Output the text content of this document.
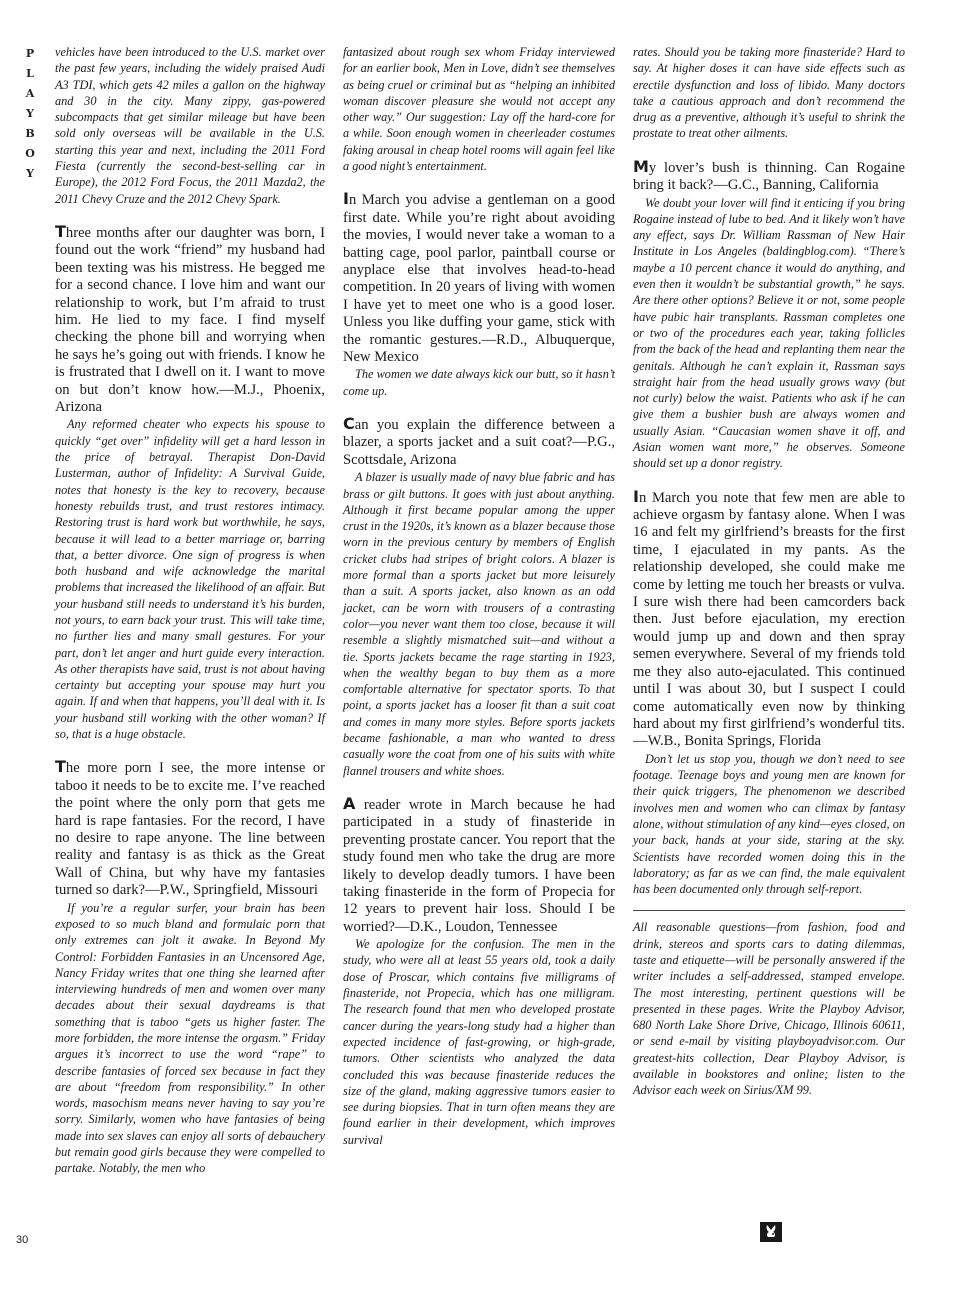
P
L
A
Y
B
O
Y

vehicles have been introduced to the U.S. market over the past few years, including the widely praised Audi A3 TDI, which gets 42 miles a gallon on the highway and 30 in the city. Many zippy, gas-powered subcompacts that get similar mileage but have been sold only overseas will be available in the U.S. starting this year and next, including the 2011 Ford Fiesta (currently the second-best-selling car in Europe), the 2012 Ford Focus, the 2011 Mazda2, the 2011 Chevy Cruze and the 2012 Chevy Spark.

Three months after our daughter was born, I found out the work “friend” my husband had been texting was his mistress. He begged me for a second chance. I love him and want our relationship to work, but I’m afraid to trust him. He lied to my face. I find myself checking the phone bill and worrying when he says he’s going out with friends. I know he is frustrated that I dwell on it. I want to move on but don’t know how.—M.J., Phoenix, Arizona

Any reformed cheater who expects his spouse to quickly “get over” infidelity will get a hard lesson in the price of betrayal. Therapist Don-David Lusterman, author of Infidelity: A Survival Guide, notes that honesty is the key to recovery, because honesty rebuilds trust, and trust restores intimacy. Restoring trust is hard work but worthwhile, he says, because it will lead to a better marriage or, barring that, a better divorce. One sign of progress is when both husband and wife acknowledge the marital problems that increased the likelihood of an affair. But your husband still needs to understand it’s his burden, not yours, to earn back your trust. This will take time, no further lies and many small gestures. For your part, don’t let anger and hurt guide every interaction. As other therapists have said, trust is not about having certainty but accepting your spouse may hurt you again. If and when that happens, you’ll deal with it. Is your husband still working with the other woman? If so, that is a huge obstacle.

The more porn I see, the more intense or taboo it needs to be to excite me. I’ve reached the point where the only porn that gets me hard is rape fantasies. For the record, I have no desire to rape anyone. The line between reality and fantasy is as thick as the Great Wall of China, but why have my fantasies turned so dark?—P.W., Springfield, Missouri

If you’re a regular surfer, your brain has been exposed to so much bland and formulaic porn that only extremes can jolt it awake. In Beyond My Control: Forbidden Fantasies in an Uncensored Age, Nancy Friday writes that one thing she learned after interviewing hundreds of men and women over many decades about their sexual daydreams is that something that is taboo “gets us higher faster. The more forbidden, the more intense the orgasm.” Friday argues it’s incorrect to use the word “rape” to describe fantasies of forced sex because in fact they are about “freedom from responsibility.” In other words, masochism means never having to say you’re sorry. Similarly, women who have fantasies of being made into sex slaves can enjoy all sorts of debauchery but remain good girls because they were compelled to partake. Notably, the men who

fantasized about rough sex whom Friday interviewed for an earlier book, Men in Love, didn’t see themselves as being cruel or criminal but as “helping an inhibited woman discover pleasure she would not accept any other way.” Our suggestion: Lay off the hard-core for a while. Soon enough women in cheerleader costumes faking arousal in cheap hotel rooms will again feel like a good night’s entertainment.

In March you advise a gentleman on a good first date. While you’re right about avoiding the movies, I would never take a woman to a batting cage, pool parlor, paintball course or anyplace else that involves head-to-head competition. In 20 years of living with women I have yet to meet one who is a good loser. Unless you like duffing your game, stick with the romantic gestures.—R.D., Albuquerque, New Mexico

The women we date always kick our butt, so it hasn’t come up.

Can you explain the difference between a blazer, a sports jacket and a suit coat?—P.G., Scottsdale, Arizona

A blazer is usually made of navy blue fabric and has brass or gilt buttons. It goes with just about anything. Although it first became popular among the upper crust in the 1920s, it’s known as a blazer because those worn in the previous century by members of English cricket clubs had stripes of bright colors. A blazer is more formal than a sports jacket but more leisurely than a suit. A sports jacket, also known as an odd jacket, can be worn with trousers of a contrasting color—you never want them too close, because it will resemble a slightly mismatched suit—and without a tie. Sports jackets became the rage starting in 1923, when the wealthy began to buy them as a more comfortable alternative for spectator sports. To that point, a sports jacket has a looser fit than a suit coat and comes in many more styles. Before sports jackets became fashionable, a man who wanted to dress casually wore the coat from one of his suits with white flannel trousers and white shoes.

A reader wrote in March because he had participated in a study of finasteride in preventing prostate cancer. You report that the study found men who take the drug are more likely to develop deadly tumors. I have been taking finasteride in the form of Propecia for 12 years to prevent hair loss. Should I be worried?—D.K., Loudon, Tennessee

We apologize for the confusion. The men in the study, who were all at least 55 years old, took a daily dose of Proscar, which contains five milligrams of finasteride, not Propecia, which has one milligram. The research found that men who developed prostate cancer during the years-long study had a higher than expected incidence of fast-growing, or high-grade, tumors. Other scientists who analyzed the data concluded this was because finasteride reduces the size of the gland, making aggressive tumors easier to see during biopsies. That in turn often means they are found earlier in their development, which improves survival

rates. Should you be taking more finasteride? Hard to say. At higher doses it can have side effects such as erectile dysfunction and loss of libido. Many doctors take a cautious approach and don’t recommend the drug as a preventive, although it’s useful to shrink the prostate to treat other ailments.

My lover’s bush is thinning. Can Rogaine bring it back?—G.C., Banning, California

We doubt your lover will find it enticing if you bring Rogaine instead of lube to bed. And it likely won’t have any effect, says Dr. William Rassman of New Hair Institute in Los Angeles (baldingblog.com). “There’s maybe a 10 percent chance it would do anything, and even then it wouldn’t be substantial growth,” he says. Are there other options? Believe it or not, some people have pubic hair transplants. Rassman completes one or two of the procedures each year, taking follicles from the back of the head and replanting them near the genitals. Although he can’t explain it, Rassman says straight hair from the head usually grows wavy (but not curly) below the waist. Patients who ask if he can give them a bushier bush are always women and usually Asian. “Caucasian women shave it off, and Asian women want more,” he observes. Someone should set up a donor registry.

In March you note that few men are able to achieve orgasm by fantasy alone. When I was 16 and felt my girlfriend’s breasts for the first time, I ejaculated in my pants. As the relationship developed, she could make me come by letting me touch her breasts or vulva. I sure wish there had been camcorders back then. Just before ejaculation, my erection would jump up and down and then spray semen everywhere. Several of my friends told me they also auto-ejaculated. This continued until I was about 30, but I suspect I could come automatically even now by thinking hard about my first girlfriend’s wonderful tits.—W.B., Bonita Springs, Florida

Don’t let us stop you, though we don’t need to see footage. Teenage boys and young men are known for their quick triggers, The phenomenon we described involves men and women who can climax by fantasy alone, without stimulation of any kind—eyes closed, on your back, hands at your side, staring at the sky. Scientists have recorded women doing this in the laboratory; as far as we can find, the male equivalent has been documented only through self-report.

All reasonable questions—from fashion, food and drink, stereos and sports cars to dating dilemmas, taste and etiquette—will be personally answered if the writer includes a self-addressed, stamped envelope. The most interesting, pertinent questions will be presented in these pages. Write the Playboy Advisor, 680 North Lake Shore Drive, Chicago, Illinois 60611, or send e-mail by visiting playboyadvisor.com. Our greatest-hits collection, Dear Playboy Advisor, is available in bookstores and online; listen to the Advisor each week on Sirius/XM 99.

30
